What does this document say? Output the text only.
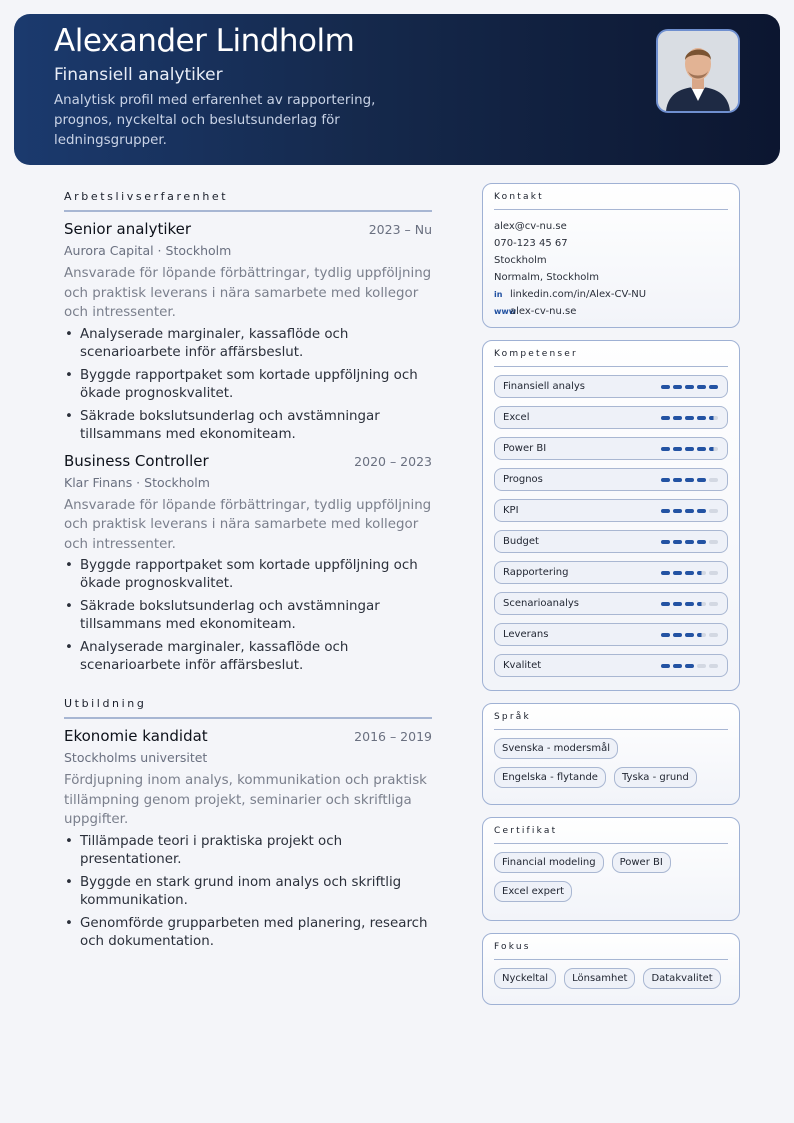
Alexander Lindholm
Finansiell analytiker
Analytisk profil med erfarenhet av rapportering, prognos, nyckeltal och beslutsunderlag för ledningsgrupper.
Arbetslivserfarenhet
Senior analytiker	2023 – Nu
Aurora Capital · Stockholm
Ansvarade för löpande förbättringar, tydlig uppföljning och praktisk leverans i nära samarbete med kollegor och intressenter.
• Analyserade marginaler, kassaflöde och scenarioarbete inför affärsbeslut.
• Byggde rapportpaket som kortade uppföljning och ökade prognoskvalitet.
• Säkrade bokslutsunderlag och avstämningar tillsammans med ekonomiteam.
Business Controller	2020 – 2023
Klar Finans · Stockholm
Ansvarade för löpande förbättringar, tydlig uppföljning och praktisk leverans i nära samarbete med kollegor och intressenter.
• Byggde rapportpaket som kortade uppföljning och ökade prognoskvalitet.
• Säkrade bokslutsunderlag och avstämningar tillsammans med ekonomiteam.
• Analyserade marginaler, kassaflöde och scenarioarbete inför affärsbeslut.
Utbildning
Ekonomie kandidat	2016 – 2019
Stockholms universitet
Fördjupning inom analys, kommunikation och praktisk tillämpning genom projekt, seminarier och skriftliga uppgifter.
• Tillämpade teori i praktiska projekt och presentationer.
• Byggde en stark grund inom analys och skriftlig kommunikation.
• Genomförde grupparbeten med planering, research och dokumentation.
Kontakt
alex@cv-nu.se
070-123 45 67
Stockholm
Normalm, Stockholm
in linkedin.com/in/Alex-CV-NU
wwwalex-cv-nu.se
Kompetenser
Finansiell analys
Excel
Power BI
Prognos
KPI
Budget
Rapportering
Scenarioanalys
Leverans
Kvalitet
Språk
Svenska - modersmål
Engelska - flytande	Tyska - grund
Certifikat
Financial modeling	Power BI
Excel expert
Fokus
Nyckeltal	Lönsamhet	Datakvalitet
